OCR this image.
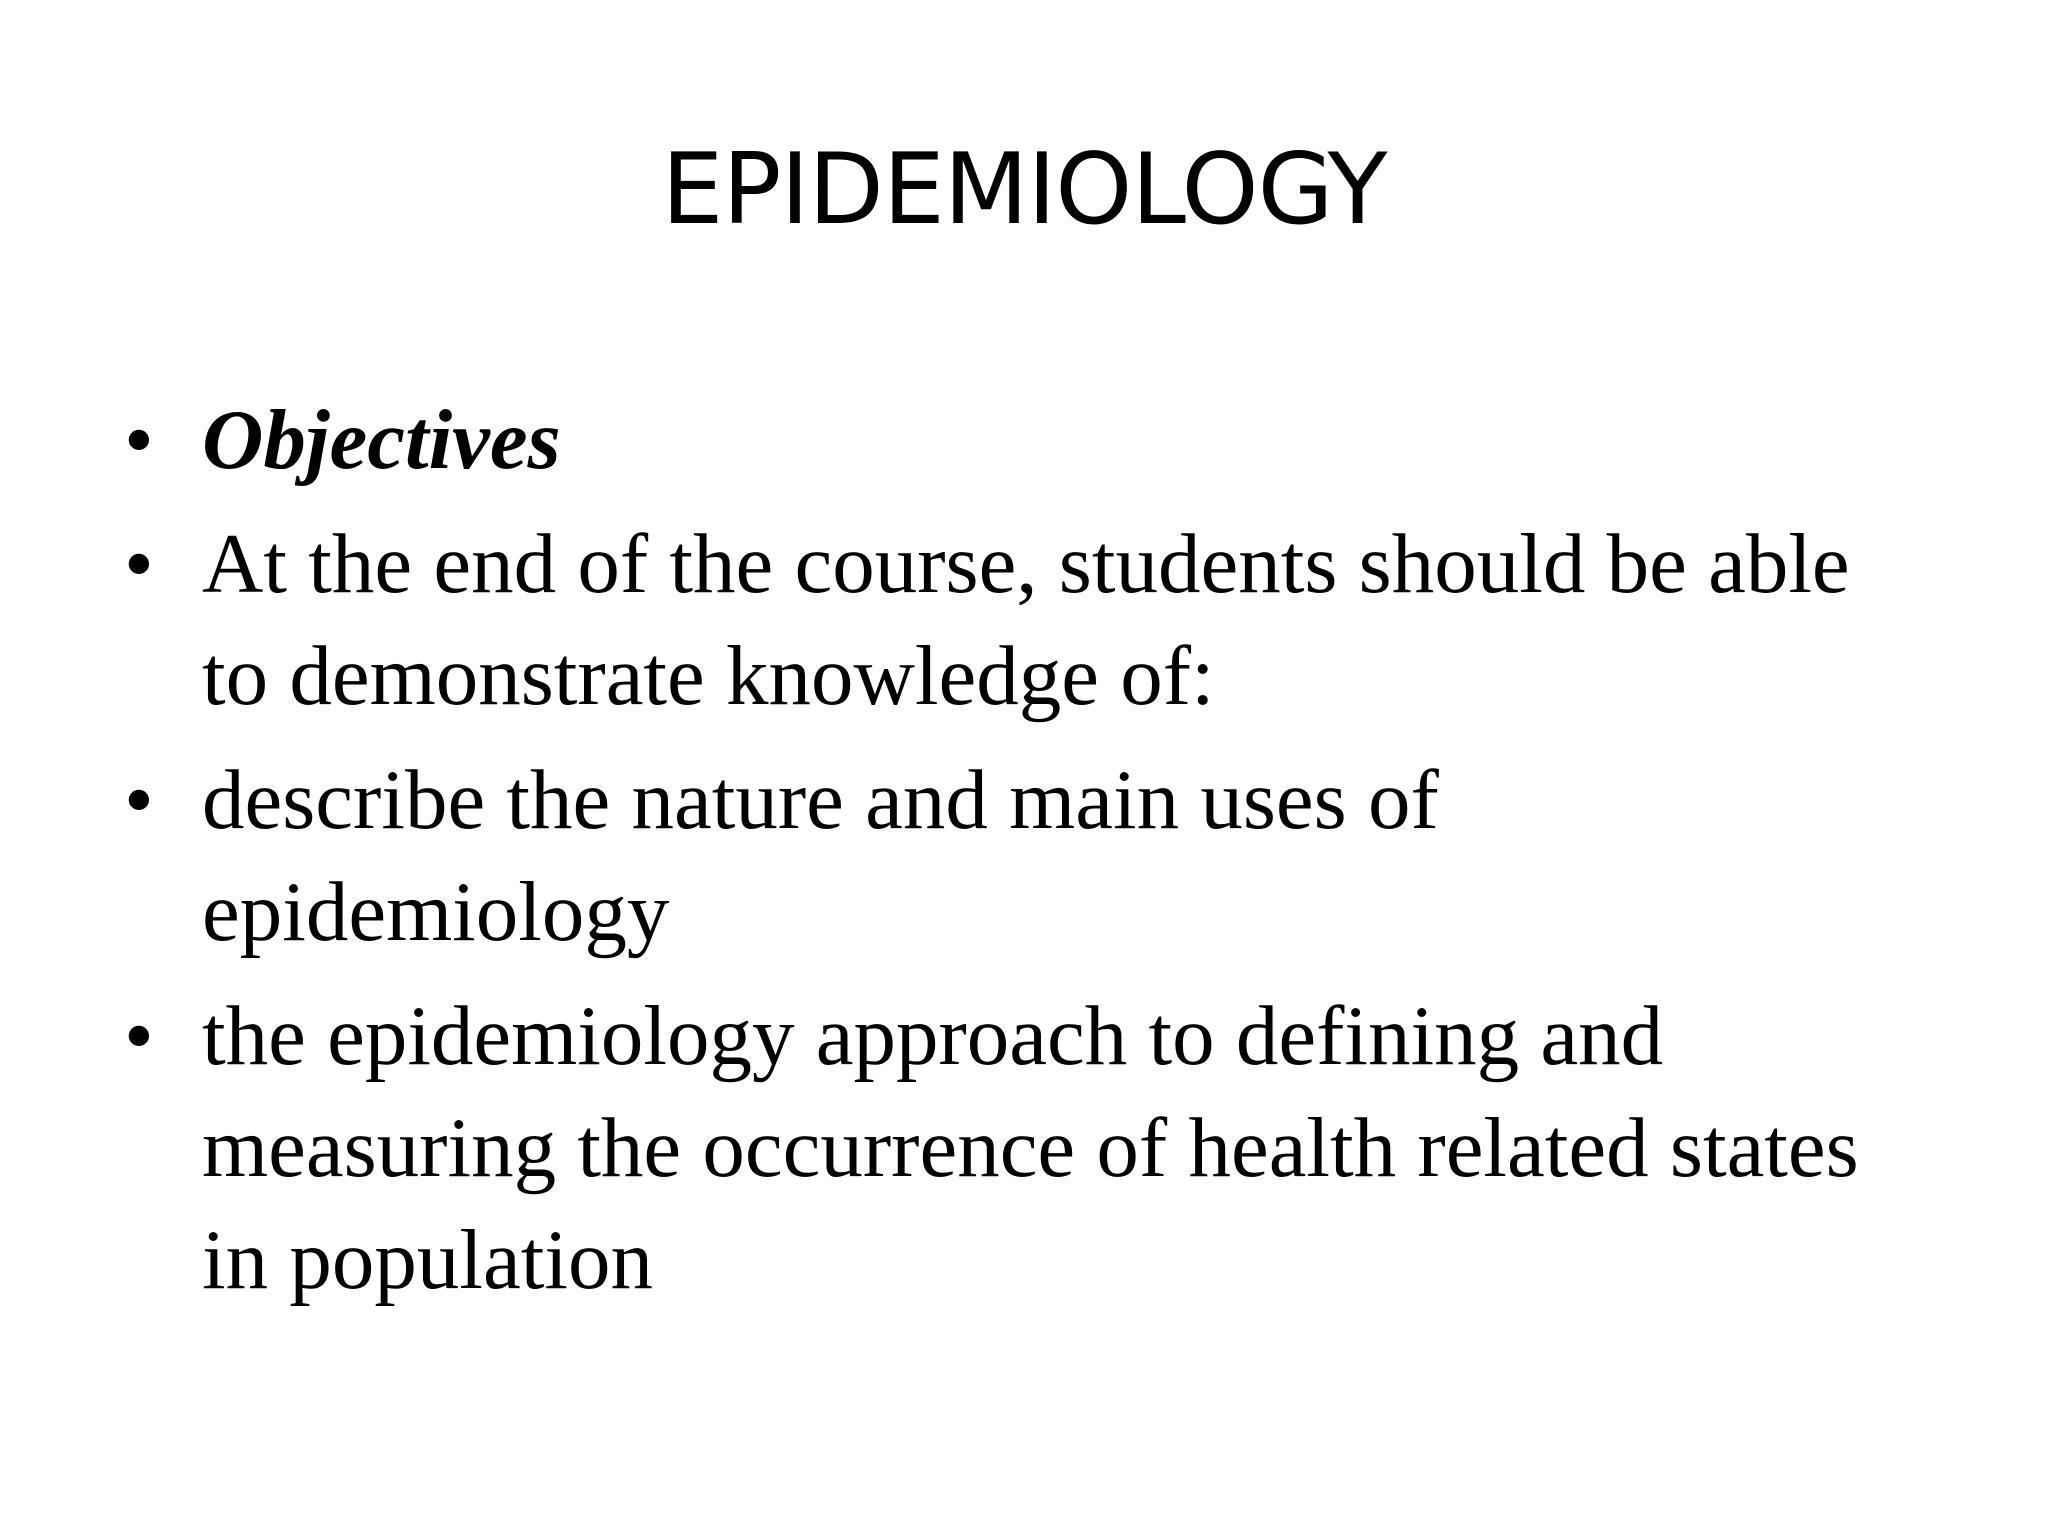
EPIDEMIOLOGY
• Objectives
• At the end of the course, students should be able to demonstrate knowledge of:
• describe the nature and main uses of epidemiology
• the epidemiology approach to defining and measuring the occurrence of health related states in population
